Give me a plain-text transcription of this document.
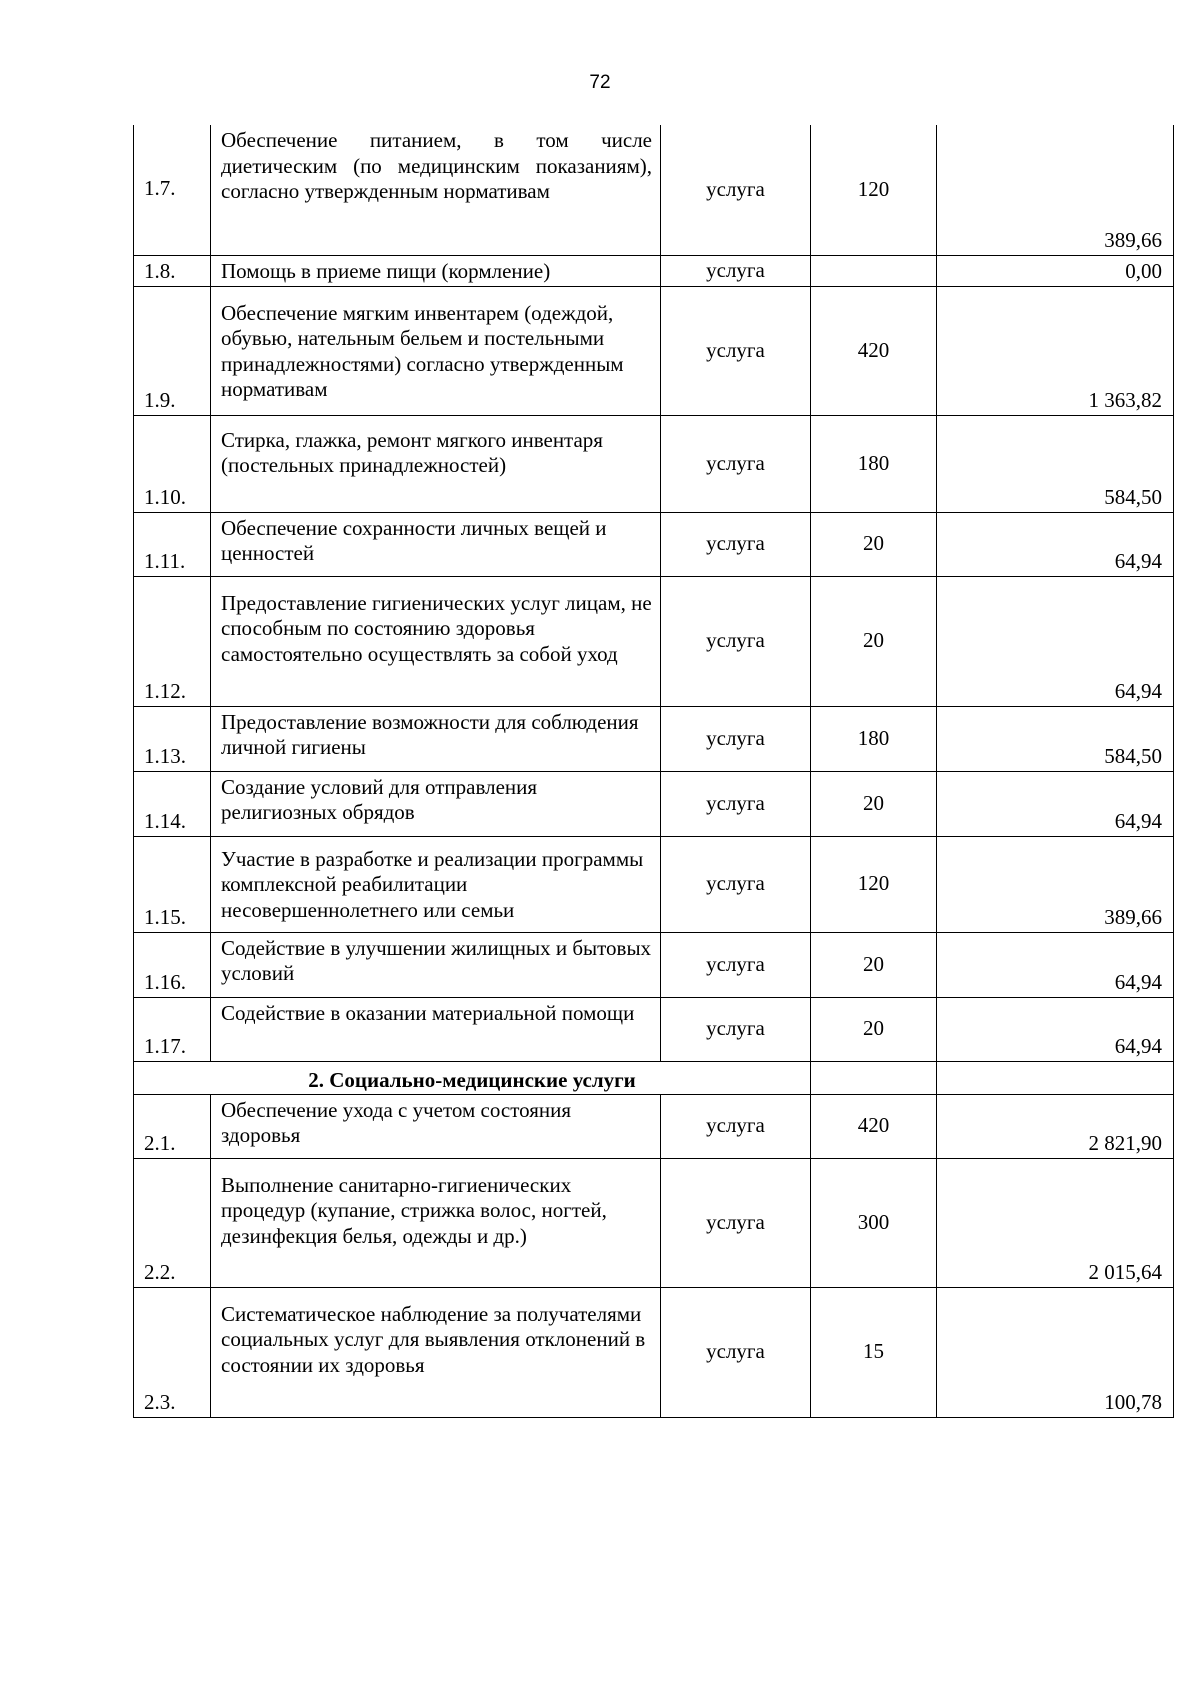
72
1.7.	Обеспечение питанием, в том числе диетическим (по медицинским показаниям), согласно утвержденным нормативам	услуга	120	389,66
1.8.	Помощь в приеме пищи (кормление)	услуга		0,00
1.9.	Обеспечение мягким инвентарем (одеждой, обувью, нательным бельем и постельными принадлежностями) согласно утвержденным нормативам	услуга	420	1 363,82
1.10.	Стирка, глажка, ремонт мягкого инвентаря (постельных принадлежностей)	услуга	180	584,50
1.11.	Обеспечение сохранности личных вещей и ценностей	услуга	20	64,94
1.12.	Предоставление гигиенических услуг лицам, не способным по состоянию здоровья самостоятельно осуществлять за собой уход	услуга	20	64,94
1.13.	Предоставление возможности для соблюдения личной гигиены	услуга	180	584,50
1.14.	Создание условий для отправления религиозных обрядов	услуга	20	64,94
1.15.	Участие в разработке и реализации программы комплексной реабилитации несовершеннолетнего или семьи	услуга	120	389,66
1.16.	Содействие в улучшении жилищных и бытовых условий	услуга	20	64,94
1.17.	Содействие в оказании материальной помощи	услуга	20	64,94
2. Социально-медицинские услуги				
2.1.	Обеспечение ухода с учетом состояния здоровья	услуга	420	2 821,90
2.2.	Выполнение санитарно-гигиенических процедур (купание, стрижка волос, ногтей, дезинфекция белья, одежды и др.)	услуга	300	2 015,64
2.3.	Систематическое наблюдение за получателями социальных услуг для выявления отклонений в состоянии их здоровья	услуга	15	100,78
